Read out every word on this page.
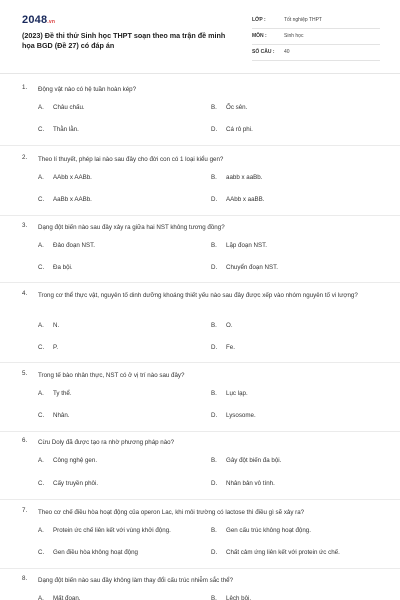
2048.vn
(2023) Đề thi thử Sinh học THPT soạn theo ma trận đề minh họa BGD (Đề 27) có đáp án
LỚP :	Tốt nghiệp THPT
MÔN :	Sinh học
SỐ CÂU : 40
1. Động vật nào có hệ tuần hoàn kép?
A. Châu chấu.	B. Ốc sên.
C. Thằn lằn.	D. Cá rô phi.
2. Theo lí thuyết, phép lai nào sau đây cho đời con có 1 loại kiểu gen?
A. AAbb x AABb.	B. aabb x aaBb.
C. AaBb x AABb.	D. AAbb x aaBB.
3. Dạng đột biến nào sau đây xảy ra giữa hai NST không tương đồng?
A. Đảo đoạn NST.	B. Lặp đoạn NST.
C. Đa bội.	D. Chuyển đoạn NST.
4. Trong cơ thể thực vật, nguyên tố dinh dưỡng khoáng thiết yếu nào sau đây được xếp vào nhóm nguyên tố vi lượng?
A. N.	B. O.
C. P.	D. Fe.
5. Trong tế bào nhân thực, NST có ở vị trí nào sau đây?
A. Ty thể.	B. Lục lạp.
C. Nhân.	D. Lysosome.
6. Cừu Doly đã được tạo ra nhờ phương pháp nào?
A. Công nghệ gen.	B. Gây đột biến đa bội.
C. Cấy truyền phôi.	D. Nhân bản vô tính.
7. Theo cơ chế điều hòa hoạt động của operon Lac, khi môi trường có lactose thì điều gì sẽ xảy ra?
A. Protein ức chế liên kết với vùng khởi động.	B. Gen cấu trúc không hoạt động.
C. Gen điều hòa không hoạt động	D. Chất cảm ứng liên kết với protein ức chế.
8. Dạng đột biến nào sau đây không làm thay đổi cấu trúc nhiễm sắc thể?
A. Mất đoạn.	B. Lệch bội.
